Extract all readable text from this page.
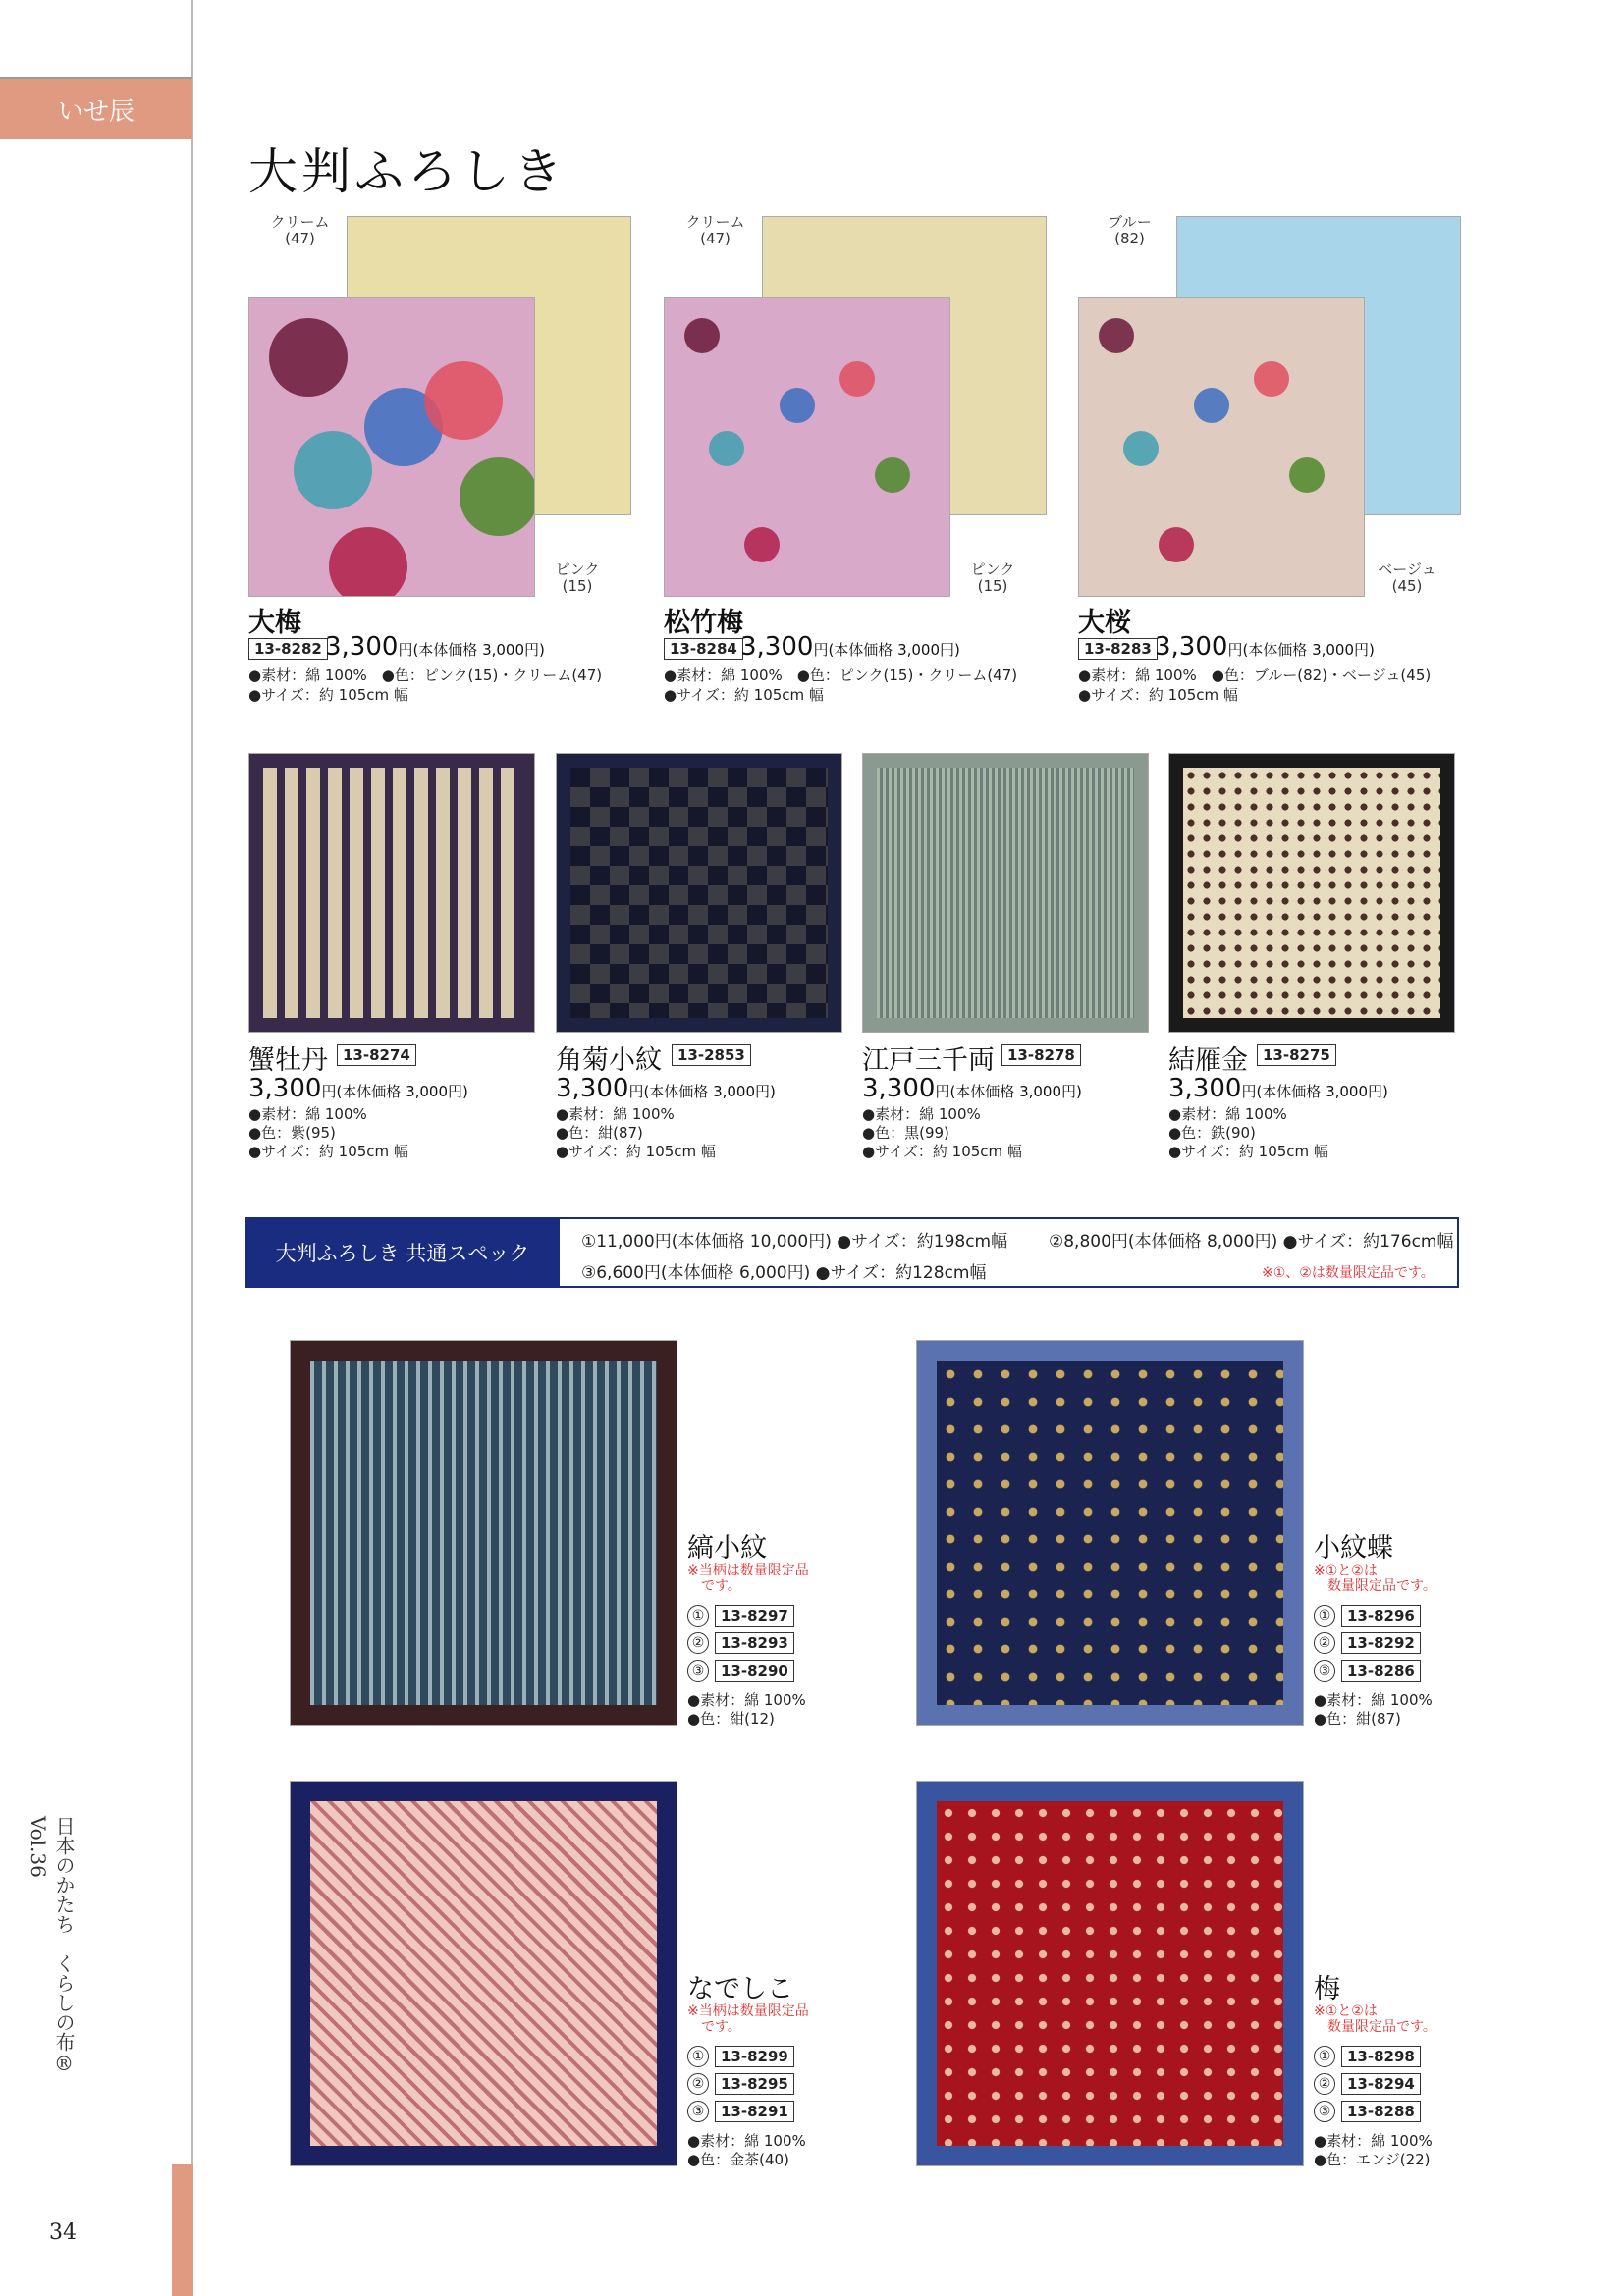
いせ辰
日本のかたち　くらしの布® Vol.36
34
大判ふろしき
クリーム
(47)
ピンク
(15)
大梅
13-8282 3,300円(本体価格 3,000円)
●素材：綿 100%　●色：ピンク(15)・クリーム(47)
●サイズ：約 105cm 幅
クリーム
(47)
ピンク
(15)
松竹梅
13-8284 3,300円(本体価格 3,000円)
●素材：綿 100%　●色：ピンク(15)・クリーム(47)
●サイズ：約 105cm 幅
ブルー
(82)
ベージュ
(45)
大桜
13-8283 3,300円(本体価格 3,000円)
●素材：綿 100%　●色：ブルー(82)・ベージュ(45)
●サイズ：約 105cm 幅
蟹牡丹	13-8274
3,300円(本体価格 3,000円)
●素材：綿 100%
●色：紫(95)
●サイズ：約 105cm 幅
角菊小紋	13-2853
3,300円(本体価格 3,000円)
●素材：綿 100%
●色：紺(87)
●サイズ：約 105cm 幅
江戸三千両 13-8278
3,300円(本体価格 3,000円)
●素材：綿 100%
●色：黒(99)
●サイズ：約 105cm 幅
結雁金	13-8275
3,300円(本体価格 3,000円)
●素材：綿 100%
●色：鉄(90)
●サイズ：約 105cm 幅
大判ふろしき 共通スペック	①11,000円(本体価格 10,000円) ●サイズ：約198cm幅 ②8,800円(本体価格 8,000円) ●サイズ：約176cm幅
③6,600円(本体価格 6,000円) ●サイズ：約128cm幅	※①、②は数量限定品です。
縞小紋
※当柄は数量限定品
　です。
①	13-8297
②	13-8293
③	13-8290
●素材：綿 100%
●色：紺(12)
小紋蝶
※①と②は
　数量限定品です。
①	13-8296
②	13-8292
③	13-8286
●素材：綿 100%
●色：紺(87)
なでしこ
※当柄は数量限定品
　です。
①	13-8299
②	13-8295
③	13-8291
●素材：綿 100%
●色：金茶(40)
梅
※①と②は
　数量限定品です。
①	13-8298
②	13-8294
③	13-8288
●素材：綿 100%
●色：エンジ(22)
